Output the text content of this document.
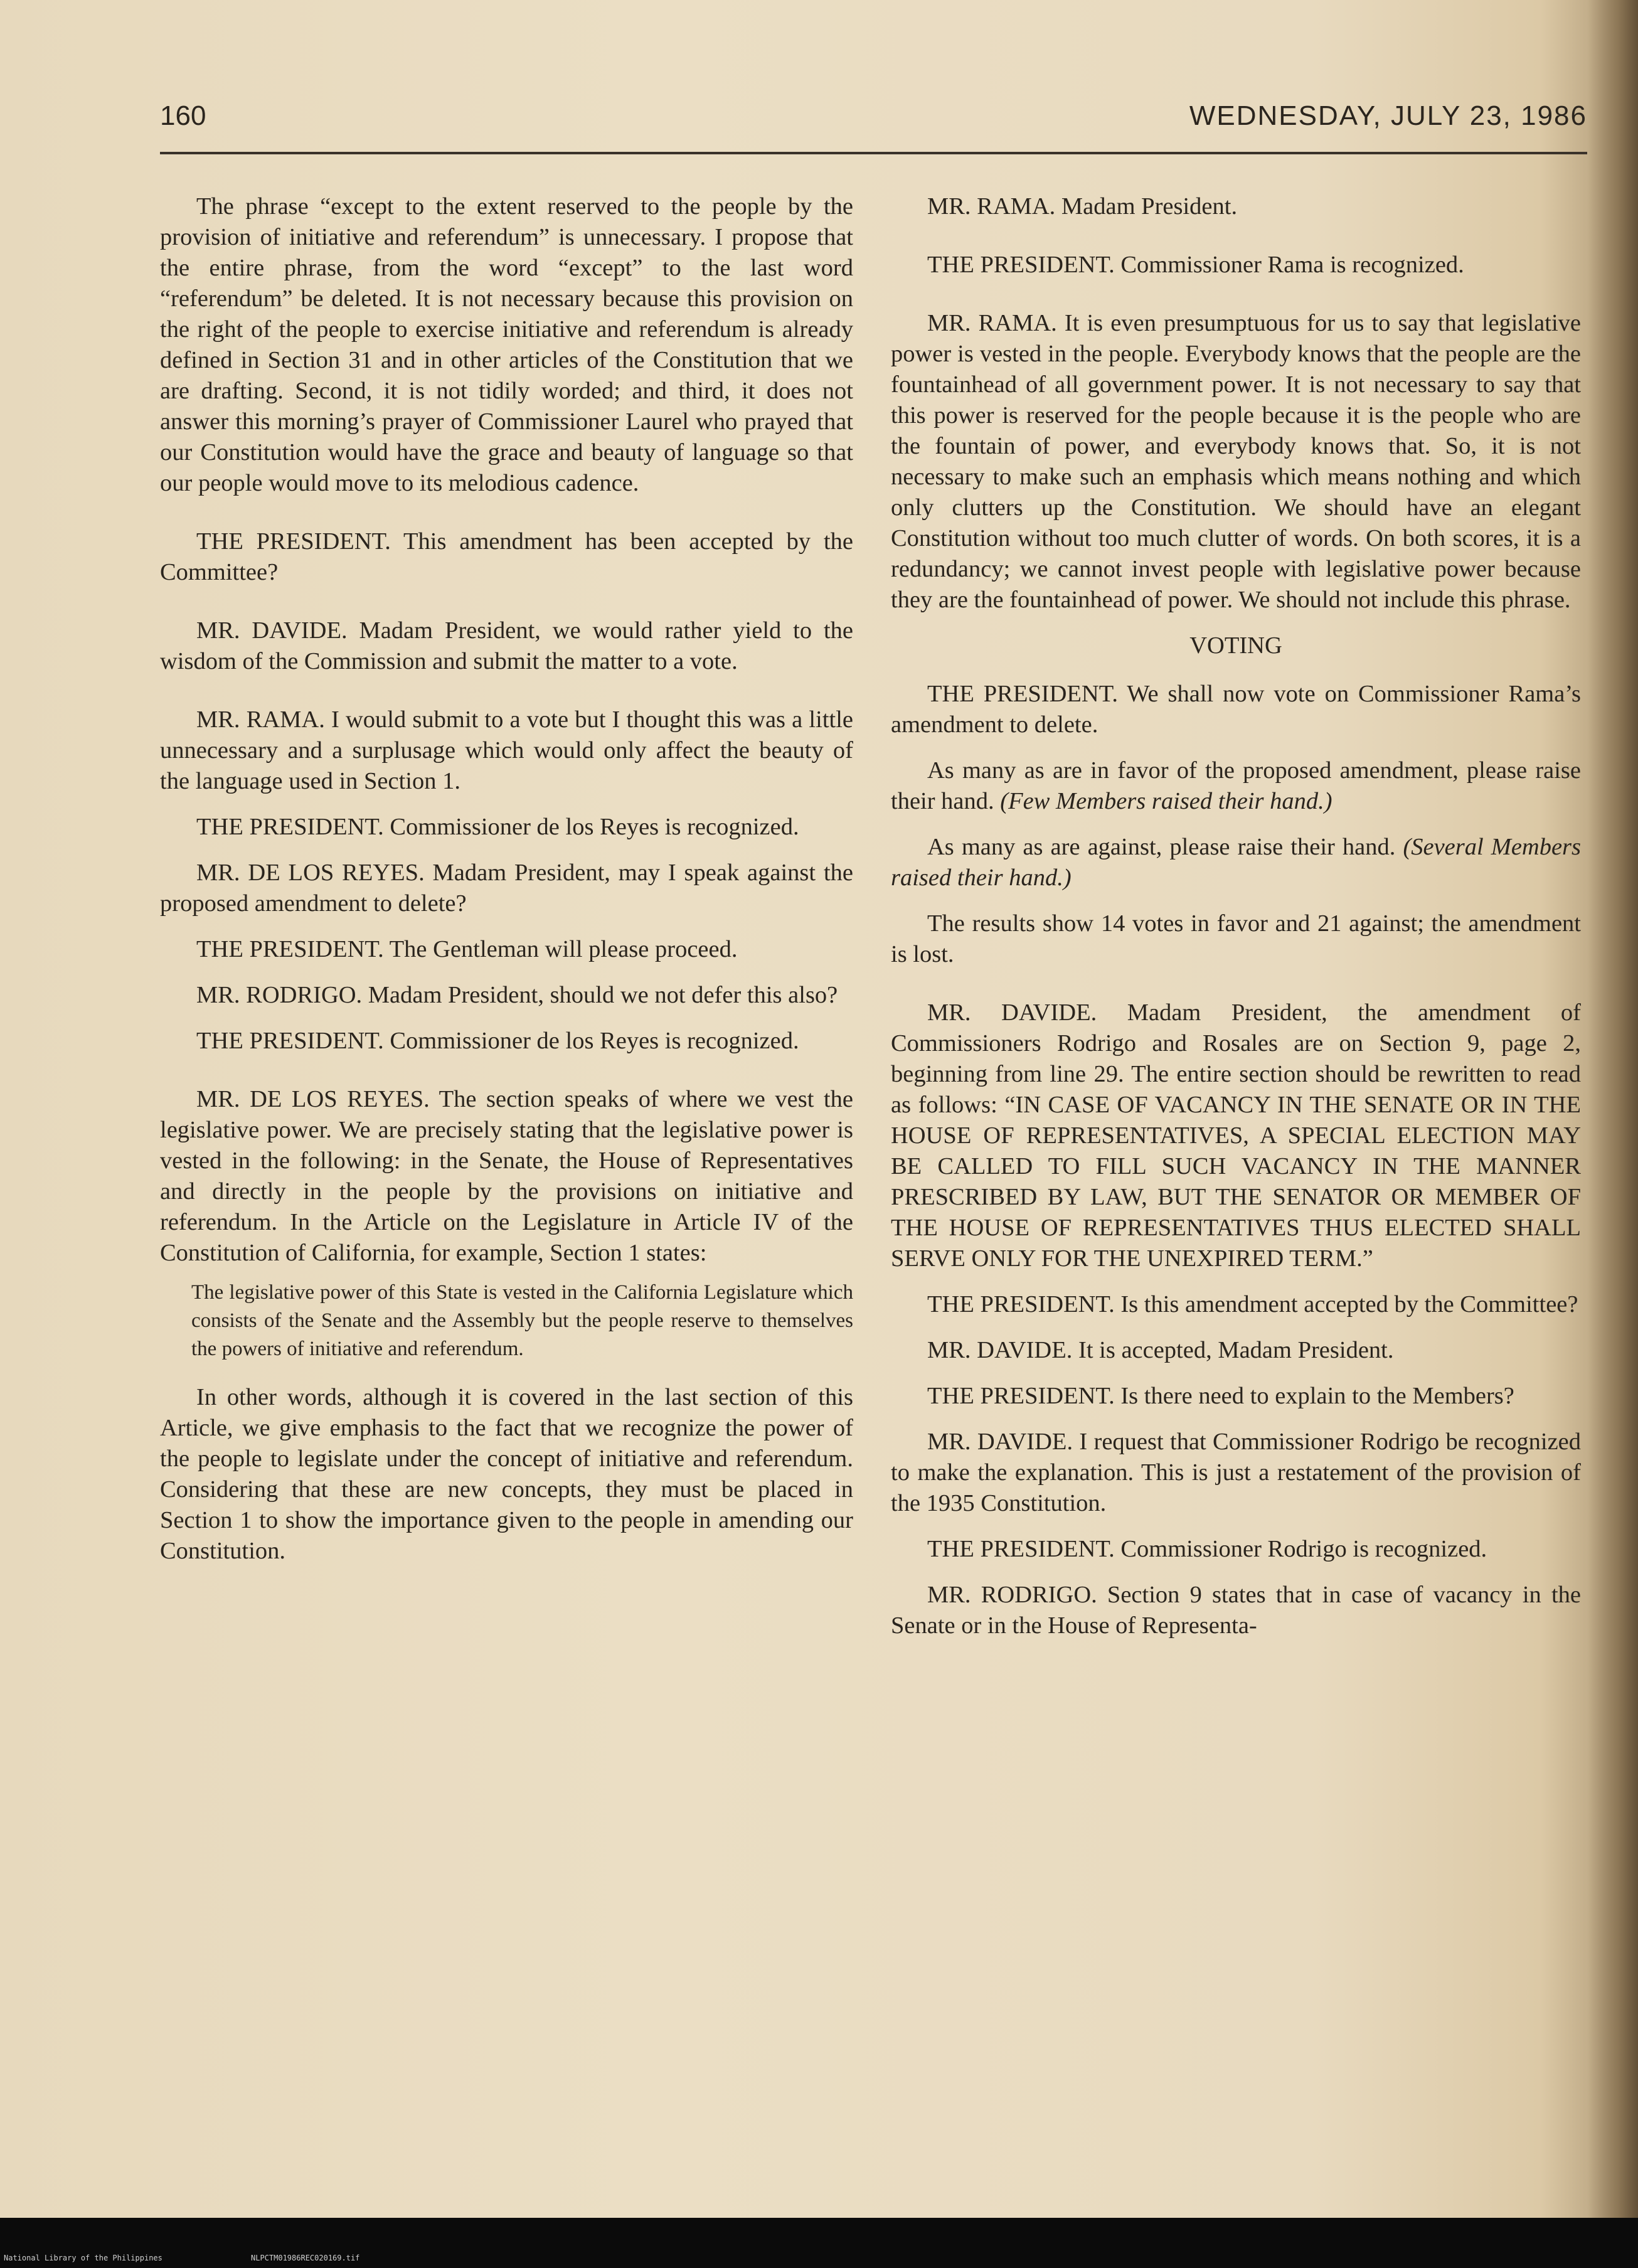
160	WEDNESDAY, JULY 23, 1986

The phrase “except to the extent reserved to the people by the provision of initiative and referendum” is unnecessary. I propose that the entire phrase, from the word “except” to the last word “referendum” be deleted. It is not necessary because this provision on the right of the people to exercise initiative and referendum is already defined in Section 31 and in other articles of the Constitution that we are drafting. Second, it is not tidily worded; and third, it does not answer this morning’s prayer of Commissioner Laurel who prayed that our Constitution would have the grace and beauty of language so that our people would move to its melodious cadence.

THE PRESIDENT. This amendment has been accepted by the Committee?

MR. DAVIDE. Madam President, we would rather yield to the wisdom of the Commission and submit the matter to a vote.

MR. RAMA. I would submit to a vote but I thought this was a little unnecessary and a surplusage which would only affect the beauty of the language used in Section 1.

THE PRESIDENT. Commissioner de los Reyes is recognized.

MR. DE LOS REYES. Madam President, may I speak against the proposed amendment to delete?

THE PRESIDENT. The Gentleman will please proceed.

MR. RODRIGO. Madam President, should we not defer this also?

THE PRESIDENT. Commissioner de los Reyes is recognized.

MR. DE LOS REYES. The section speaks of where we vest the legislative power. We are precisely stating that the legislative power is vested in the following: in the Senate, the House of Representatives and directly in the people by the provisions on initiative and referendum. In the Article on the Legislature in Article IV of the Constitution of California, for example, Section 1 states:

The legislative power of this State is vested in the California Legislature which consists of the Senate and the Assembly but the people reserve to themselves the powers of initiative and referendum.

In other words, although it is covered in the last section of this Article, we give emphasis to the fact that we recognize the power of the people to legislate under the concept of initiative and referendum. Considering that these are new concepts, they must be placed in Section 1 to show the importance given to the people in amending our Constitution.

MR. RAMA. Madam President.

THE PRESIDENT. Commissioner Rama is recognized.

MR. RAMA. It is even presumptuous for us to say that legislative power is vested in the people. Everybody knows that the people are the fountainhead of all government power. It is not necessary to say that this power is reserved for the people because it is the people who are the fountain of power, and everybody knows that. So, it is not necessary to make such an emphasis which means nothing and which only clutters up the Constitution. We should have an elegant Constitution without too much clutter of words. On both scores, it is a redundancy; we cannot invest people with legislative power because they are the fountainhead of power. We should not include this phrase.

VOTING

THE PRESIDENT. We shall now vote on Commissioner Rama’s amendment to delete.

As many as are in favor of the proposed amendment, please raise their hand. (Few Members raised their hand.)

As many as are against, please raise their hand. (Several Members raised their hand.)

The results show 14 votes in favor and 21 against; the amendment is lost.

MR. DAVIDE. Madam President, the amendment of Commissioners Rodrigo and Rosales are on Section 9, page 2, beginning from line 29. The entire section should be rewritten to read as follows: “IN CASE OF VACANCY IN THE SENATE OR IN THE HOUSE OF REPRESENTATIVES, A SPECIAL ELECTION MAY BE CALLED TO FILL SUCH VACANCY IN THE MANNER PRESCRIBED BY LAW, BUT THE SENATOR OR MEMBER OF THE HOUSE OF REPRESENTATIVES THUS ELECTED SHALL SERVE ONLY FOR THE UNEXPIRED TERM.”

THE PRESIDENT. Is this amendment accepted by the Committee?

MR. DAVIDE. It is accepted, Madam President.

THE PRESIDENT. Is there need to explain to the Members?

MR. DAVIDE. I request that Commissioner Rodrigo be recognized to make the explanation. This is just a restatement of the provision of the 1935 Constitution.

THE PRESIDENT. Commissioner Rodrigo is recognized.

MR. RODRIGO. Section 9 states that in case of vacancy in the Senate or in the House of Representa-

National Library of the Philippines	NLPCTM01986REC020169.tif
